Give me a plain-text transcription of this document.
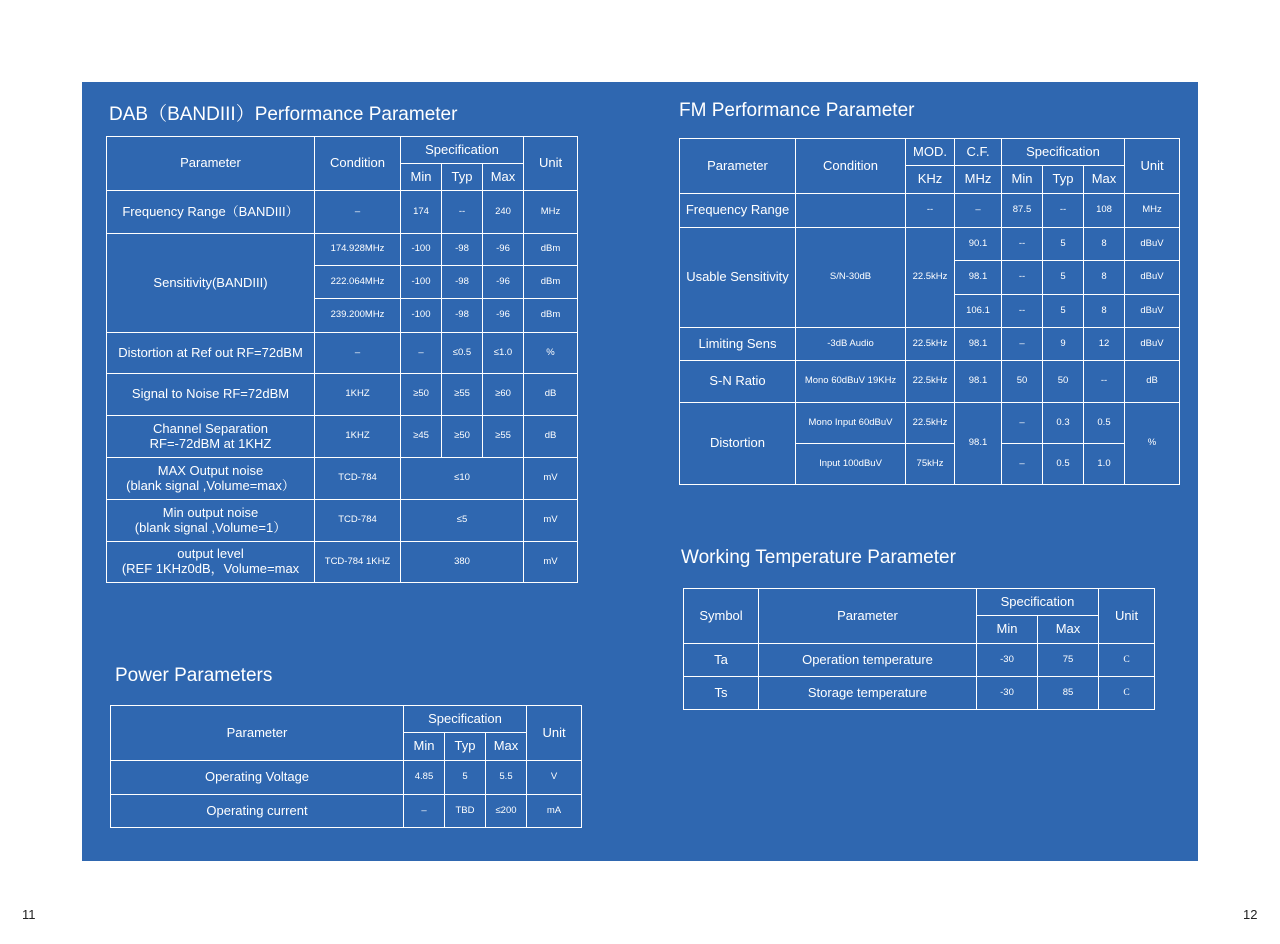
DAB（BANDIII）Performance Parameter
Parameter	Condition	Specification			Unit
		Min	Typ	Max	
Frequency Range（BANDIII）	–	174	--	240	MHz
Sensitivity(BANDIII)	174.928MHz	-100	-98	-96	dBm
	222.064MHz	-100	-98	-96	dBm
	239.200MHz	-100	-98	-96	dBm
Distortion at Ref out RF=72dBM	–	–	≤0.5	≤1.0	%
Signal to Noise RF=72dBM	1KHZ	≥50	≥55	≥60	dB

Channel Separation
RF=-72dBM at 1KHZ	1KHZ	≥45	≥50	≥55	dB

MAX Output noise
(blank signal ,Volume=max）	TCD-784	≤10			mV

Min output noise
(blank signal ,Volume=1）	TCD-784	≤5			mV

output level
(REF 1KHz0dB，Volume=max	TCD-784 1KHZ	380			mV
Power Parameters
Parameter	Specification			Unit
	Min	Typ	Max	
Operating Voltage	4.85	5	5.5	V
Operating current	–	TBD	≤200	mA
FM Performance Parameter
Parameter	Condition	MOD.	C.F.	Specification			Unit
		KHz	MHz	Min	Typ	Max	
Frequency Range		--	–	87.5	--	108	MHz
Usable Sensitivity	S/N-30dB	22.5kHz	90.1	--	5	8	dBuV
			98.1	--	5	8	dBuV
			106.1	--	5	8	dBuV
Limiting Sens	-3dB Audio	22.5kHz	98.1	–	9	12	dBuV
S-N Ratio	Mono 60dBuV 19KHz	22.5kHz	98.1	50	50	--	dB
Distortion	Mono Input 60dBuV	22.5kHz	98.1	–	0.3	0.5	%
	Input 100dBuV	75kHz		–	0.5	1.0	
Working Temperature Parameter
Symbol	Parameter	Specification		Unit
		Min	Max	
Ta	Operation temperature	-30	75	C
Ts	Storage temperature	-30	85	C
11	12
